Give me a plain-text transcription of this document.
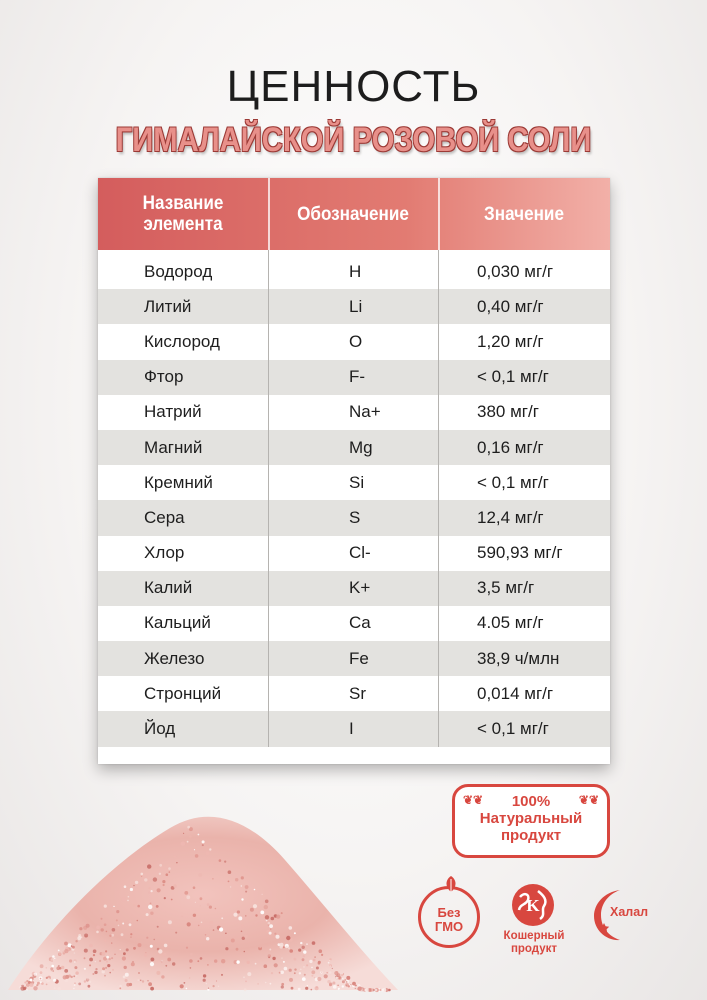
ЦЕННОСТЬ
ГИМАЛАЙСКОЙ РОЗОВОЙ СОЛИ
Название элемента	Обозначение	Значение
Водород	H	0,030 мг/г
Литий	Li	0,40 мг/г
Кислород	O	1,20 мг/г
Фтор	F-	< 0,1 мг/г
Натрий	Na+	380 мг/г
Магний	Mg	0,16 мг/г
Кремний	Si	< 0,1 мг/г
Сера	S	12,4 мг/г
Хлор	Cl-	590,93 мг/г
Калий	K+	3,5 мг/г
Кальций	Ca	4.05 мг/г
Железо	Fe	38,9 ч/млн
Стронций	Sr	0,014 мг/г
Йод	I	< 0,1 мг/г
❦❦	❦❦
100%
Натуральный
продукт
Без
ГМО
K
Кошерный
продукт
Халал
